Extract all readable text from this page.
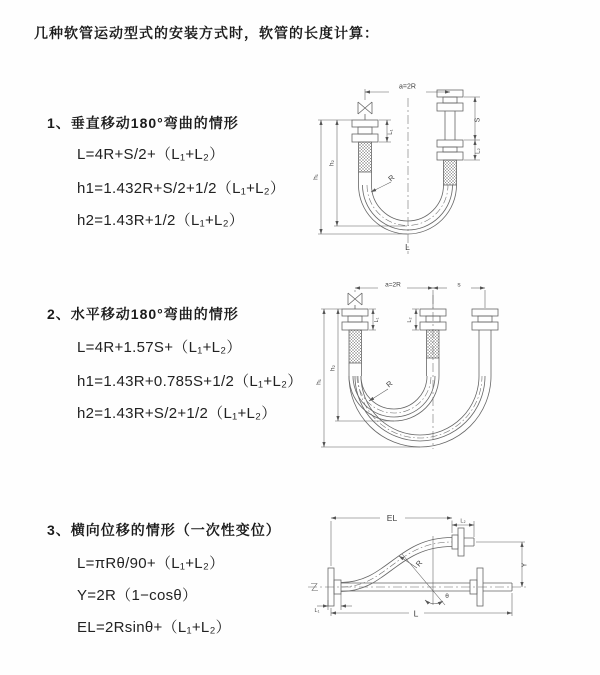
几种软管运动型式的安装方式时，软管的长度计算：
1、垂直移动180°弯曲的情形
L=4R+S/2+（L₁+L₂）
h1=1.432R+S/2+1/2（L₁+L₂）
h2=1.43R+1/2（L₁+L₂）
a=2R
S
L₂
L₁
h₁
h₂
R
L
2、水平移动180°弯曲的情形
L=4R+1.57S+（L₁+L₂）
h1=1.43R+0.785S+1/2（L₁+L₂）
h2=1.43R+S/2+1/2（L₁+L₂）
a=2R	s
h₁
h₂
L₁	L₂
R
3、横向位移的情形（一次性变位）
L=πRθ/90+（L₁+L₂）
Y=2R（1−cosθ）
EL=2Rsinθ+（L₁+L₂）
EL	L₂
Y
R
θ
L
L₁
